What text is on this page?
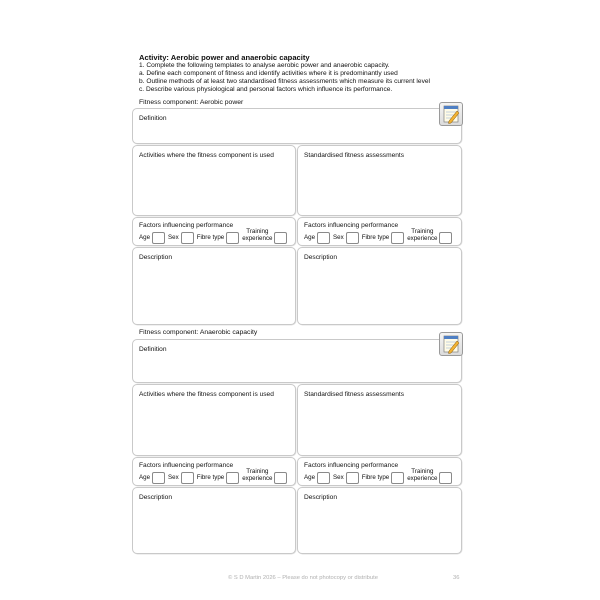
Activity: Aerobic power and anaerobic capacity
1. Complete the following templates to analyse aerobic power and anaerobic capacity.
a. Define each component of fitness and identify activities where it is predominantly used
b. Outline methods of at least two standardised fitness assessments which measure its current level
c. Describe various physiological and personal factors which influence its performance.
Fitness component: Aerobic power
Definition
Activities where the fitness component is used	Standardised fitness assessments
Factors influencing performance
Age	Sex	Fibre type
Training
experience
Factors influencing performance
Age	Sex	Fibre type
Training
experience
Description	Description
Fitness component: Anaerobic capacity
Definition
Activities where the fitness component is used	Standardised fitness assessments
Factors influencing performance
Age	Sex	Fibre type
Training
experience
Factors influencing performance
Age	Sex	Fibre type
Training
experience
Description	Description
© S D Martin 2026 – Please do not photocopy or distribute	36
